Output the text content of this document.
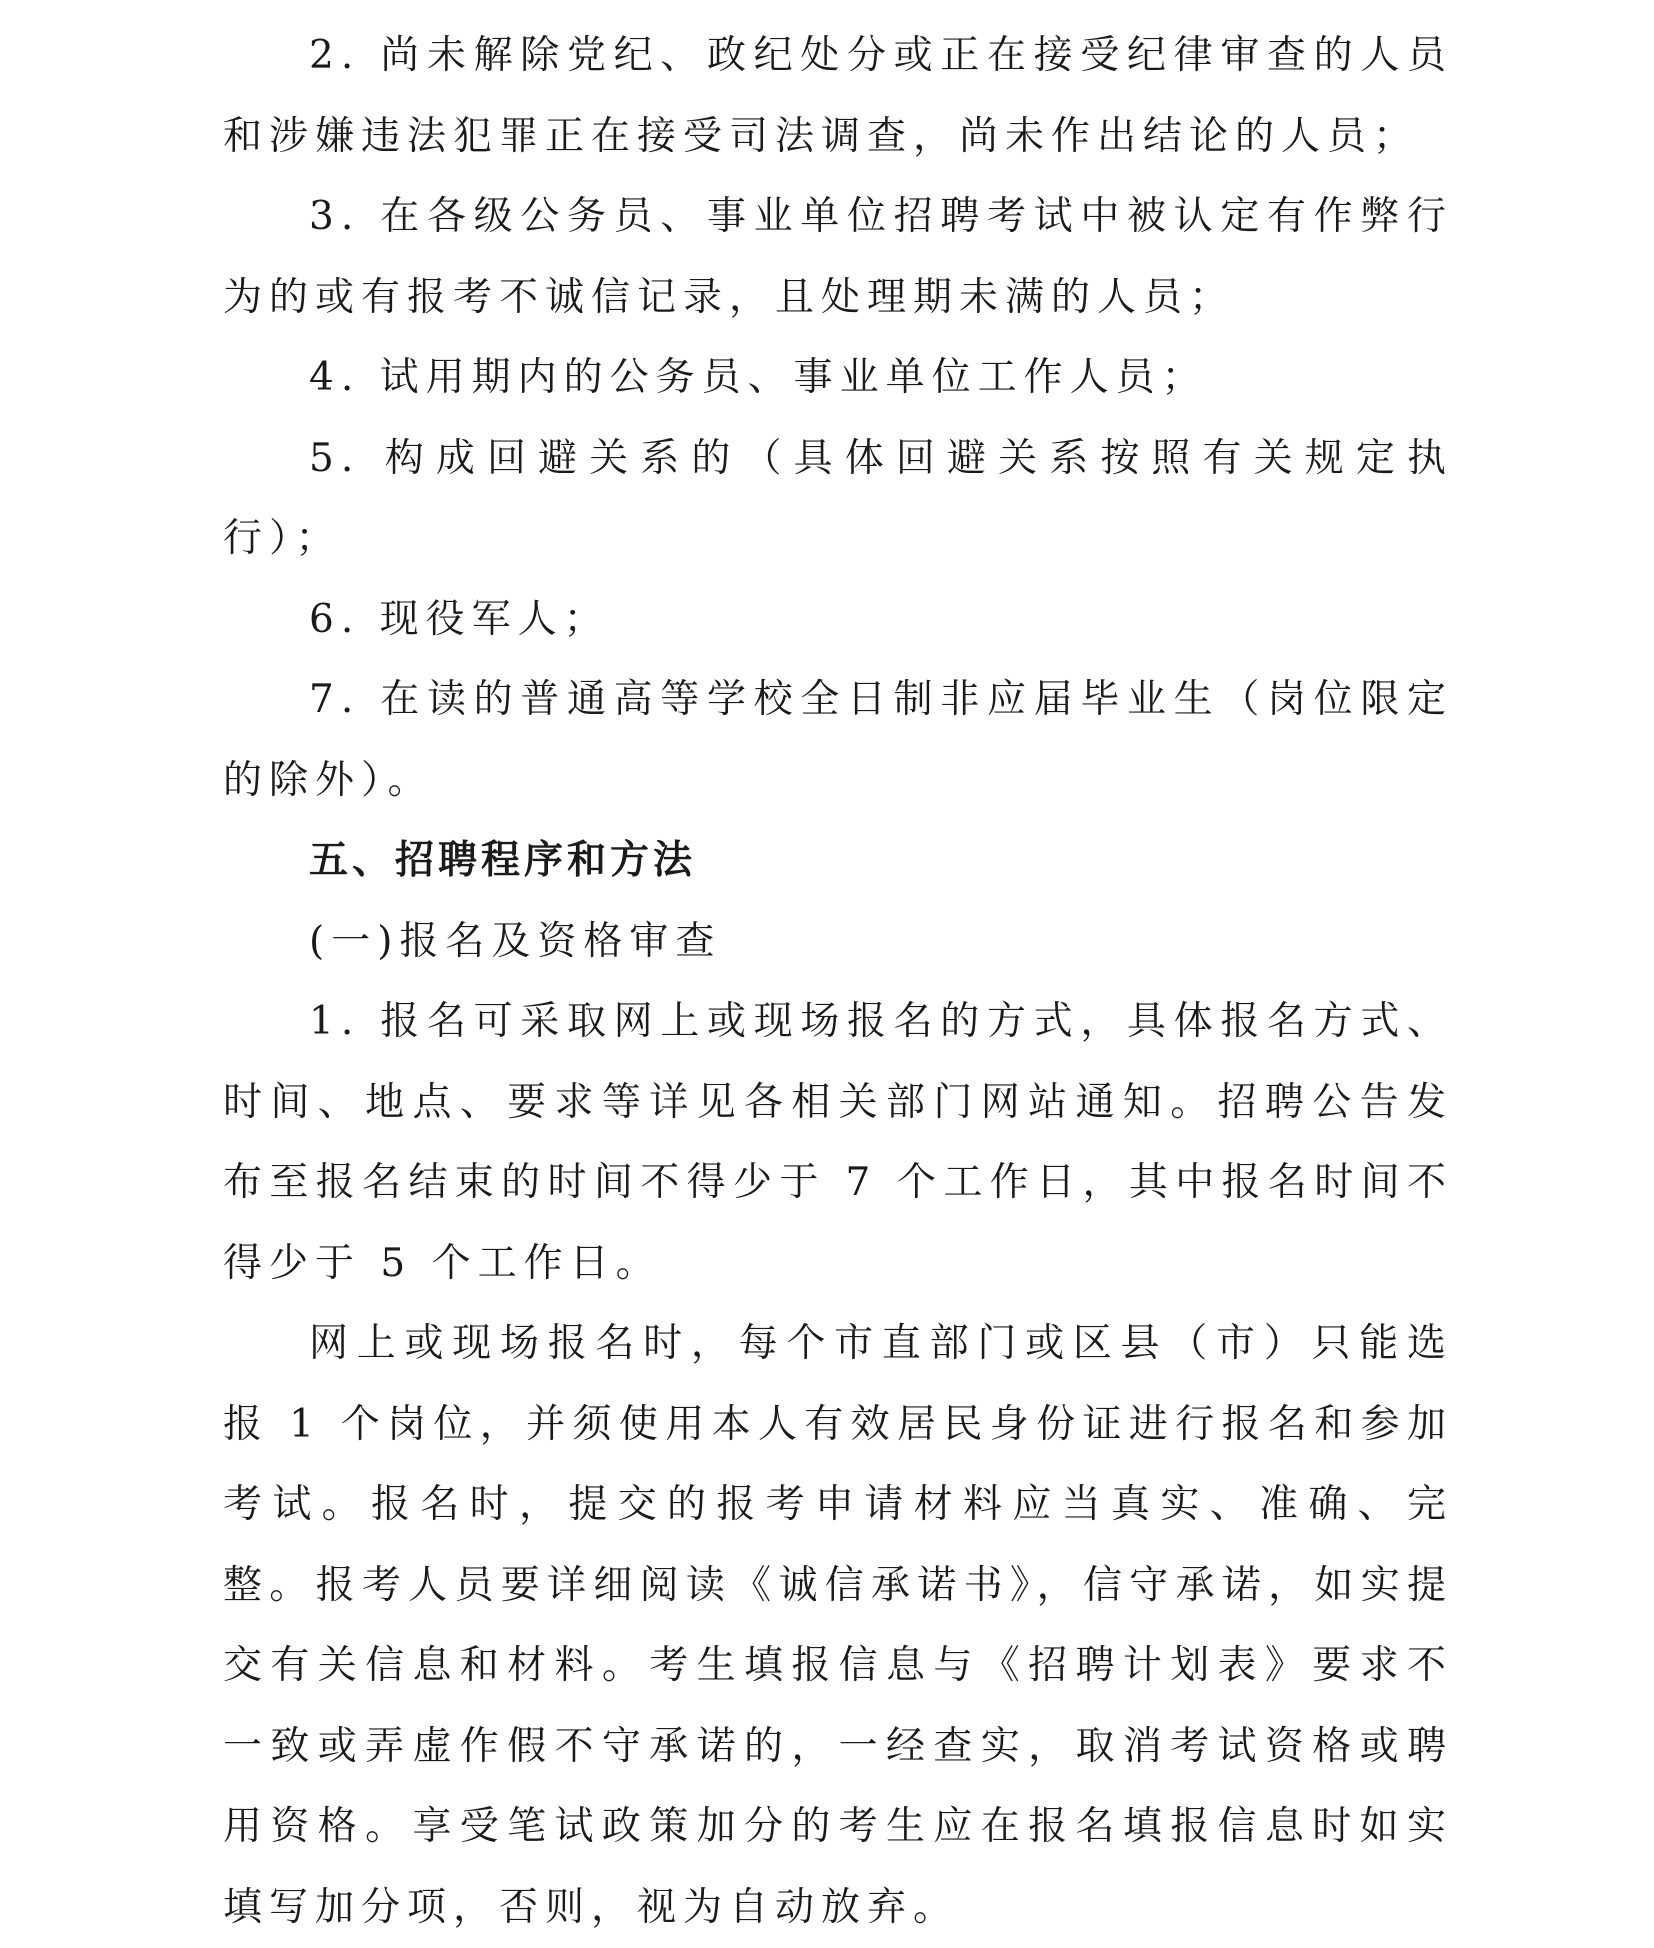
2. 尚未解除党纪、政纪处分或正在接受纪律审查的人员和涉嫌违法犯罪正在接受司法调查，尚未作出结论的人员；

3. 在各级公务员、事业单位招聘考试中被认定有作弊行为的或有报考不诚信记录，且处理期未满的人员；

4. 试用期内的公务员、事业单位工作人员；

5. 构成回避关系的（具体回避关系按照有关规定执行）；

6. 现役军人；

7. 在读的普通高等学校全日制非应届毕业生（岗位限定的除外）。

五、招聘程序和方法

(一)报名及资格审查

1. 报名可采取网上或现场报名的方式，具体报名方式、时间、地点、要求等详见各相关部门网站通知。招聘公告发布至报名结束的时间不得少于 7 个工作日，其中报名时间不得少于 5 个工作日。

网上或现场报名时，每个市直部门或区县（市）只能选报 1 个岗位，并须使用本人有效居民身份证进行报名和参加考试。报名时，提交的报考申请材料应当真实、准确、完整。报考人员要详细阅读《诚信承诺书》，信守承诺，如实提交有关信息和材料。考生填报信息与《招聘计划表》要求不一致或弄虚作假不守承诺的，一经查实，取消考试资格或聘用资格。享受笔试政策加分的考生应在报名填报信息时如实填写加分项，否则，视为自动放弃。
